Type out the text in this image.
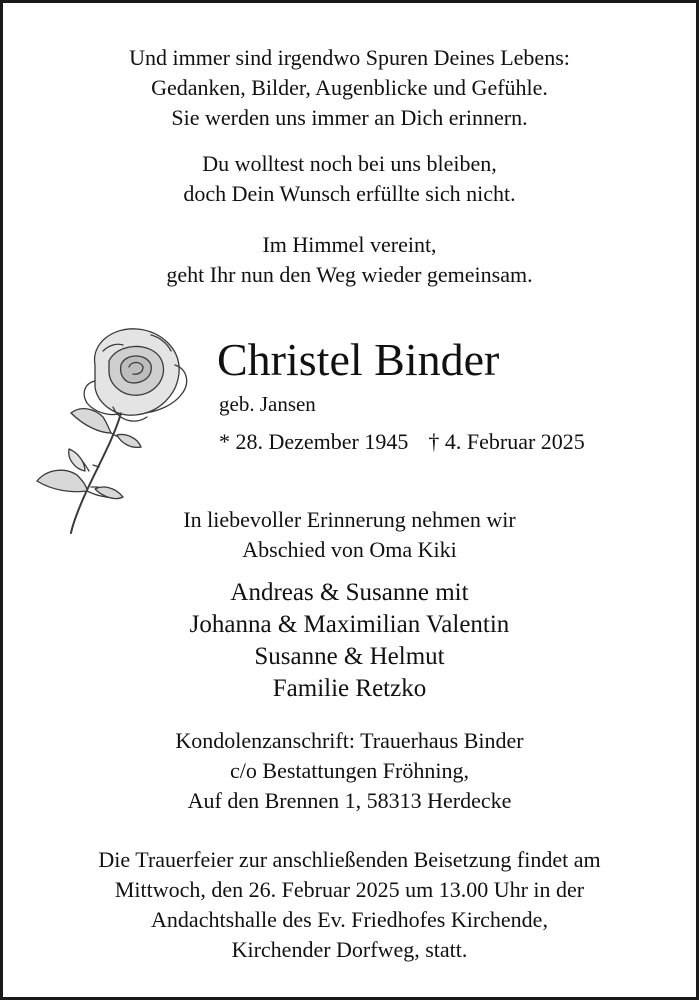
Und immer sind irgendwo Spuren Deines Lebens:
Gedanken, Bilder, Augenblicke und Gefühle.
Sie werden uns immer an Dich erinnern.
Du wolltest noch bei uns bleiben,
doch Dein Wunsch erfüllte sich nicht.
Im Himmel vereint,
geht Ihr nun den Weg wieder gemeinsam.
Christel Binder
geb. Jansen
* 28. Dezember 1945 † 4. Februar 2025
In liebevoller Erinnerung nehmen wir
Abschied von Oma Kiki
Andreas & Susanne mit
Johanna & Maximilian Valentin
Susanne & Helmut
Familie Retzko
Kondolenzanschrift: Trauerhaus Binder
c/o Bestattungen Fröhning,
Auf den Brennen 1, 58313 Herdecke
Die Trauerfeier zur anschließenden Beisetzung findet am
Mittwoch, den 26. Februar 2025 um 13.00 Uhr in der
Andachtshalle des Ev. Friedhofes Kirchende,
Kirchender Dorfweg, statt.
